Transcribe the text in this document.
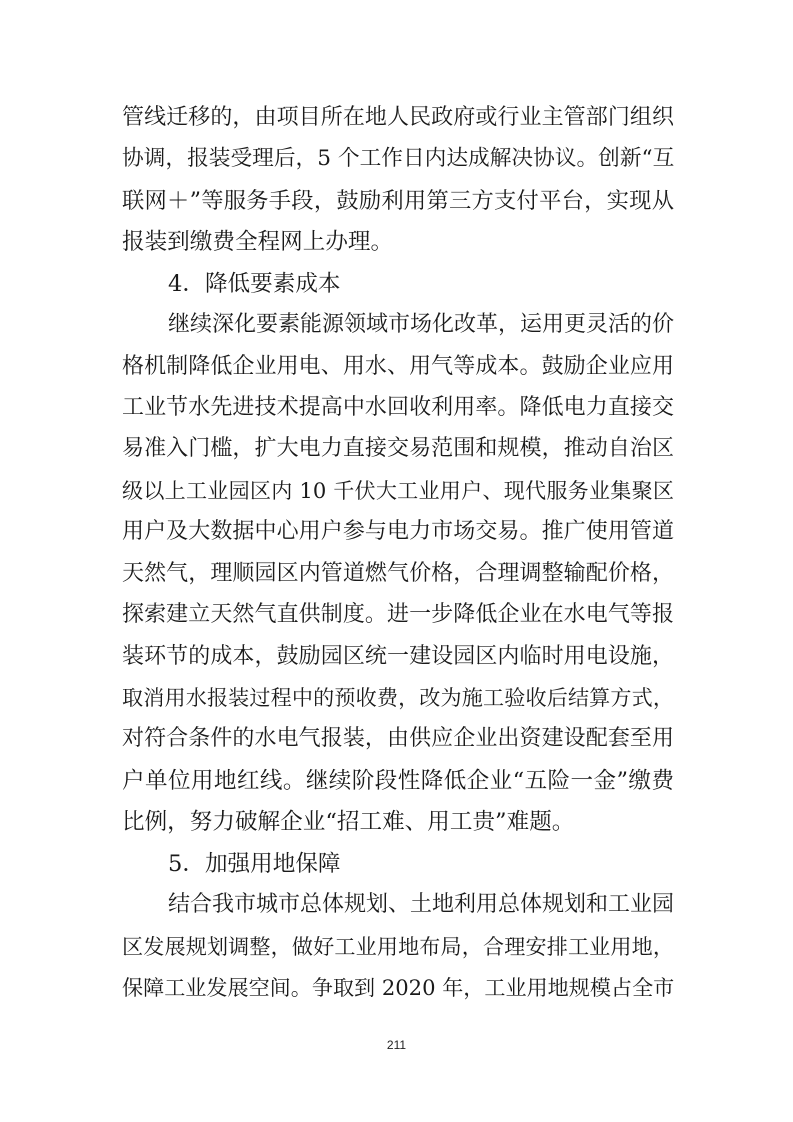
管线迁移的，由项目所在地人民政府或行业主管部门组织
协调，报装受理后，5 个工作日内达成解决协议。创新“互
联网＋”等服务手段，鼓励利用第三方支付平台，实现从
报装到缴费全程网上办理。
4．降低要素成本
继续深化要素能源领域市场化改革，运用更灵活的价
格机制降低企业用电、用水、用气等成本。鼓励企业应用
工业节水先进技术提高中水回收利用率。降低电力直接交
易准入门槛，扩大电力直接交易范围和规模，推动自治区
级以上工业园区内 10 千伏大工业用户、现代服务业集聚区
用户及大数据中心用户参与电力市场交易。推广使用管道
天然气，理顺园区内管道燃气价格，合理调整输配价格，
探索建立天然气直供制度。进一步降低企业在水电气等报
装环节的成本，鼓励园区统一建设园区内临时用电设施，
取消用水报装过程中的预收费，改为施工验收后结算方式，
对符合条件的水电气报装，由供应企业出资建设配套至用
户单位用地红线。继续阶段性降低企业“五险一金”缴费
比例，努力破解企业“招工难、用工贵”难题。
5．加强用地保障
结合我市城市总体规划、土地利用总体规划和工业园
区发展规划调整，做好工业用地布局，合理安排工业用地，
保障工业发展空间。争取到 2020 年，工业用地规模占全市
211
